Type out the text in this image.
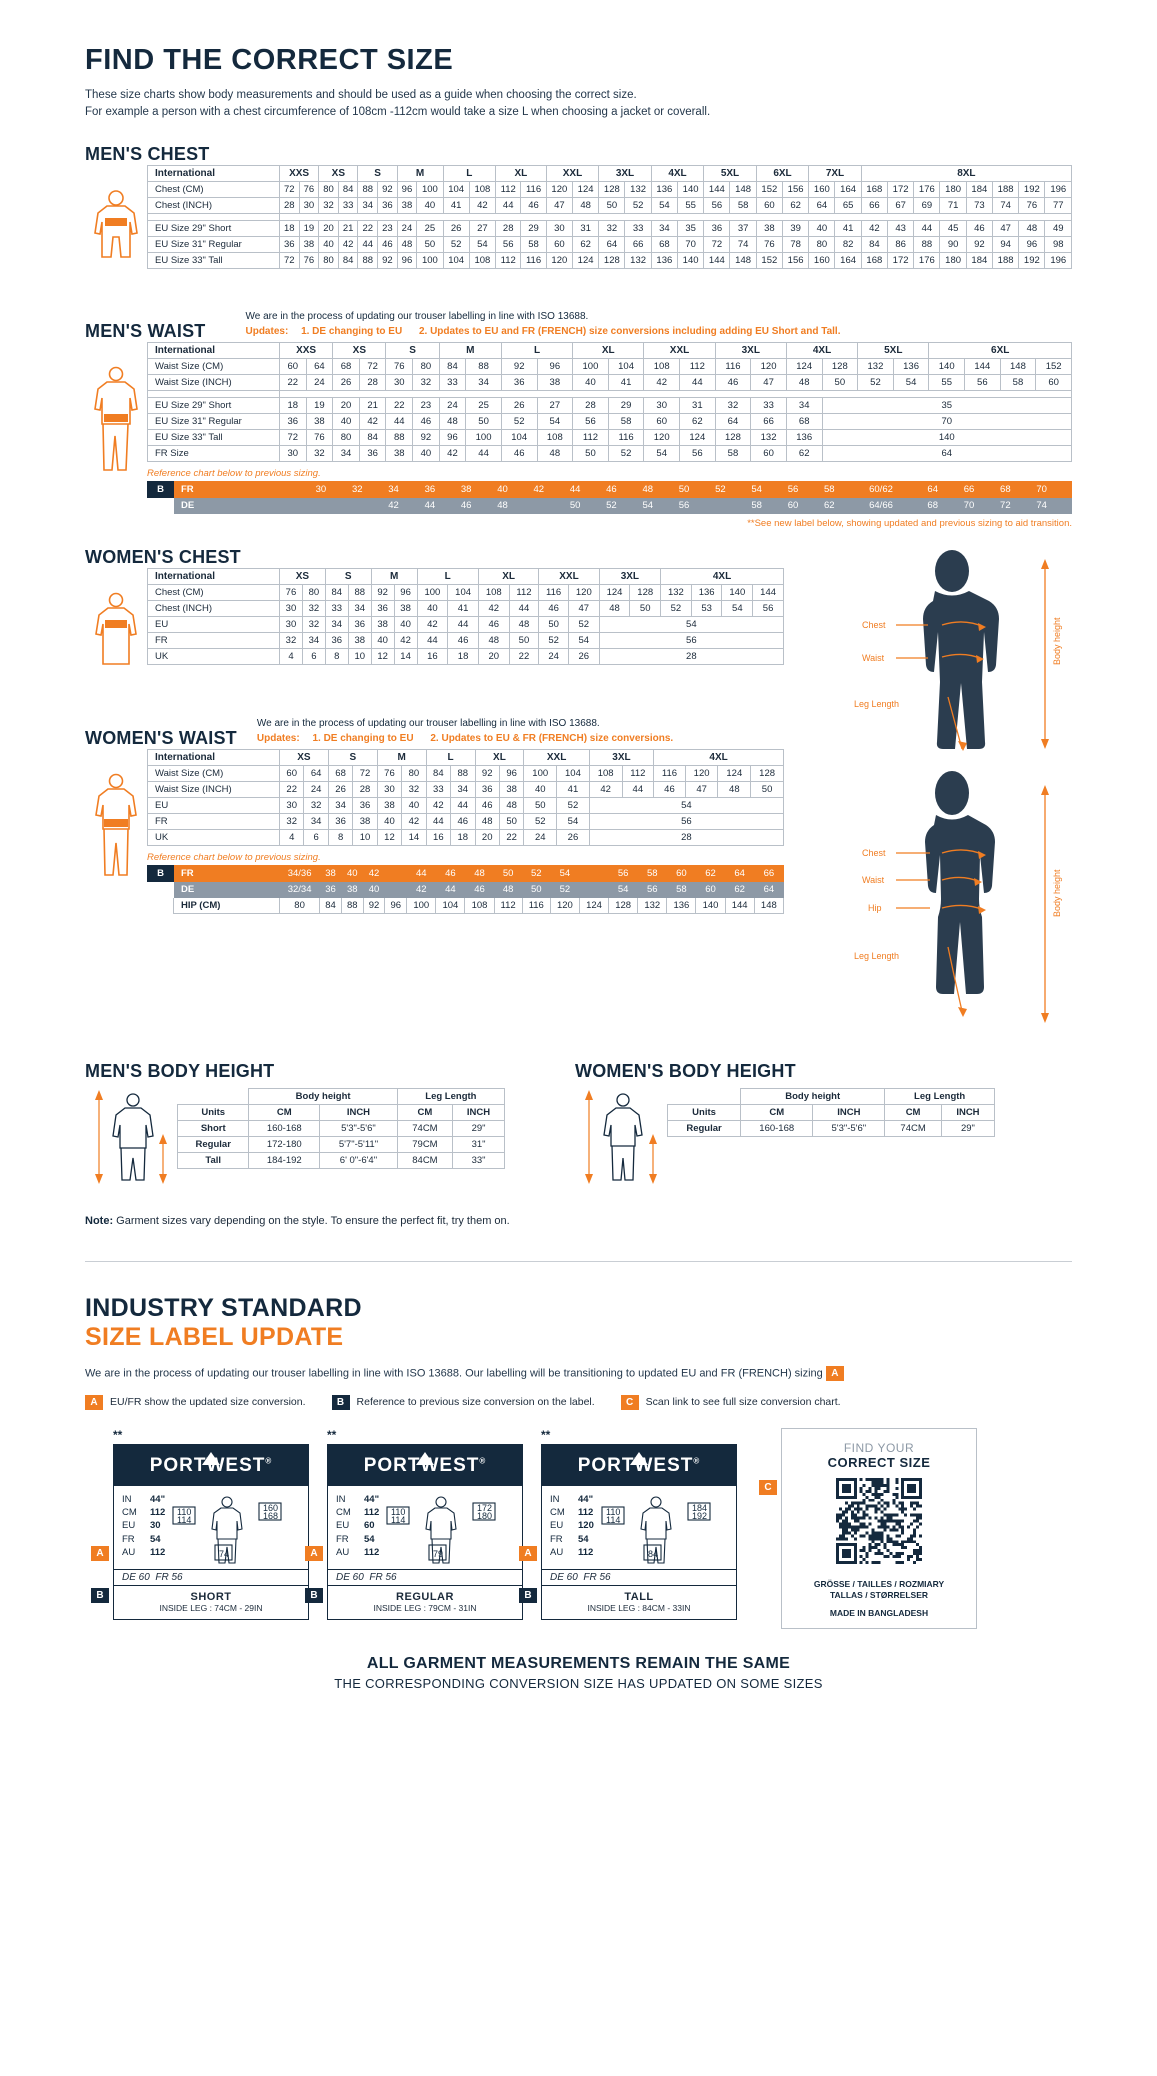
FIND THE CORRECT SIZE
These size charts show body measurements and should be used as a guide when choosing the correct size.
For example a person with a chest circumference of 108cm -112cm would take a size L when choosing a jacket or coverall.
MEN'S CHEST
International	XXS		XS		S		M		L		XL		XXL		3XL		4XL		5XL		6XL		7XL		8XL							
Chest (CM)	72	76	80	84	88	92	96	100	104	108	112	116	120	124	128	132	136	140	144	148	152	156	160	164	168	172	176	180	184	188	192	196
Chest (INCH)	28	30	32	33	34	36	38	40	41	42	44	46	47	48	50	52	54	55	56	58	60	62	64	65	66	67	69	71	73	74	76	77

EU Size 29" Short	18	19	20	21	22	23	24	25	26	27	28	29	30	31	32	33	34	35	36	37	38	39	40	41	42	43	44	45	46	47	48	49
EU Size 31" Regular	36	38	40	42	44	46	48	50	52	54	56	58	60	62	64	66	68	70	72	74	76	78	80	82	84	86	88	90	92	94	96	98
EU Size 33" Tall	72	76	80	84	88	92	96	100	104	108	112	116	120	124	128	132	136	140	144	148	152	156	160	164	168	172	176	180	184	188	192	196
MEN'S WAIST
We are in the process of updating our trouser labelling in line with ISO 13688.
Updates: 1. DE changing to EU 2. Updates to EU and FR (FRENCH) size conversions including adding EU Short and Tall.
International	XXS		XS		S		M		L		XL		XXL		3XL		4XL		5XL		6XL			
Waist Size (CM)	60	64	68	72	76	80	84	88	92	96	100	104	108	112	116	120	124	128	132	136	140	144	148	152
Waist Size (INCH)	22	24	26	28	30	32	33	34	36	38	40	41	42	44	46	47	48	50	52	54	55	56	58	60

EU Size 29" Short	18	19	20	21	22	23	24	25	26	27	28	29	30	31	32	33	34	35						
EU Size 31" Regular	36	38	40	42	44	46	48	50	52	54	56	58	60	62	64	66	68	70						
EU Size 33" Tall	72	76	80	84	88	92	96	100	104	108	112	116	120	124	128	132	136	140						
FR Size	30	32	34	36	38	40	42	44	46	48	50	52	54	56	58	60	62	64						
Reference chart below to previous sizing.
B	FR			30	32	34	36	38	40	42	44	46	48	50	52	54	56	58	60/62	64	66	68	70	
	DE					42	44	46	48		50	52	54	56		58	60	62	64/66	68	70	72	74	
**See new label below, showing updated and previous sizing to aid transition.
WOMEN'S CHEST
International	XS		S		M		L		XL		XXL		3XL		4XL			
Chest (CM)	76	80	84	88	92	96	100	104	108	112	116	120	124	128	132	136	140	144
Chest (INCH)	30	32	33	34	36	38	40	41	42	44	46	47	48	50	52	53	54	56
EU	30	32	34	36	38	40	42	44	46	48	50	52	54					
FR	32	34	36	38	40	42	44	46	48	50	52	54	56					
UK	4	6	8	10	12	14	16	18	20	22	24	26	28					
WOMEN'S WAIST
We are in the process of updating our trouser labelling in line with ISO 13688.
Updates: 1. DE changing to EU 2. Updates to EU & FR (FRENCH) size conversions.
International	XS		S		M		L		XL		XXL		3XL		4XL			
Waist Size (CM)	60	64	68	72	76	80	84	88	92	96	100	104	108	112	116	120	124	128
Waist Size (INCH)	22	24	26	28	30	32	33	34	36	38	40	41	42	44	46	47	48	50
EU	30	32	34	36	38	40	42	44	46	48	50	52	54					
FR	32	34	36	38	40	42	44	46	48	50	52	54	56					
UK	4	6	8	10	12	14	16	18	20	22	24	26	28					
Reference chart below to previous sizing.
B	FR	34/36	38	40	42		44	46	48	50	52	54		56	58	60	62	64	66
	DE	32/34	36	38	40		42	44	46	48	50	52		54	56	58	60	62	64
	HIP (CM)	80	84	88	92	96	100	104	108	112	116	120	124	128	132	136	140	144	148
Chest
Waist
Leg Length
Body height
Chest
Waist
Hip
Leg Length
Body height
MEN'S BODY HEIGHT
	Body height		Leg Length	
Units	CM	INCH	CM	INCH
Short	160-168	5'3"-5'6"	74CM	29"
Regular	172-180	5'7"-5'11"	79CM	31"
Tall	184-192	6' 0"-6'4"	84CM	33"
WOMEN'S BODY HEIGHT
	Body height		Leg Length	
Units	CM	INCH	CM	INCH
Regular	160-168	5'3"-5'6"	74CM	29"
Note: Garment sizes vary depending on the style. To ensure the perfect fit, try them on.
INDUSTRY STANDARD
SIZE LABEL UPDATE

We are in the process of updating our trouser labelling in line with ISO 13688. Our labelling will be transitioning to updated EU and FR (FRENCH) sizing A

A	EU/FR show the updated size conversion.	B	Reference to previous size conversion on the label.	C	Scan link to see full size conversion chart.
**
PORTWEST®
IN	44"
CM	112
EU	30
FR	54
AU	112
110
114
160
168
74
DE 60 FR 56
SHORT
INSIDE LEG : 74CM - 29IN
A
B
**
PORTWEST®
IN	44"
CM	112
EU	60
FR	54
AU	112
110
114
172
180
79
DE 60 FR 56
REGULAR
INSIDE LEG : 79CM - 31IN
A
B
**
PORTWEST®
IN	44"
CM	112
EU	120
FR	54
AU	112
110
114
184
192
84
DE 60 FR 56
TALL
INSIDE LEG : 84CM - 33IN
A
B
FIND YOUR
CORRECT SIZE
GRÖSSE / TAILLES / ROZMIARY
TALLAS / STØRRELSER
MADE IN BANGLADESH
C
ALL GARMENT MEASUREMENTS REMAIN THE SAME
THE CORRESPONDING CONVERSION SIZE HAS UPDATED ON SOME SIZES
